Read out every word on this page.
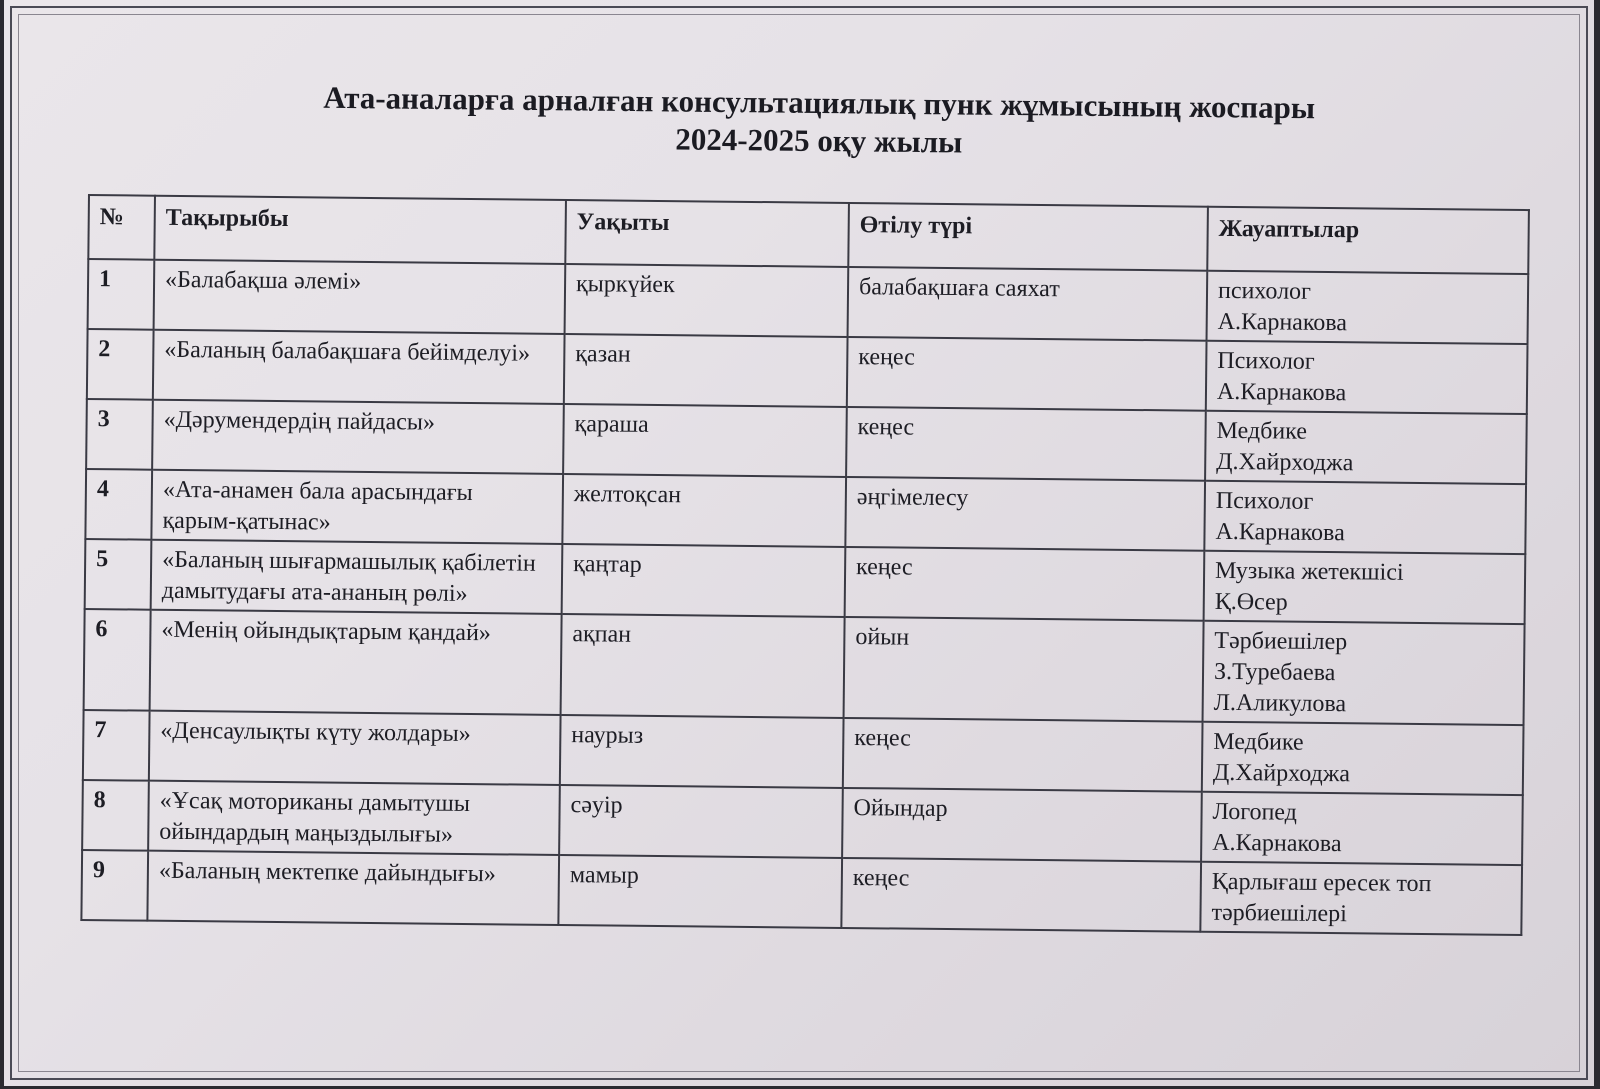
Ата-аналарға арналған консультациялық пунк жұмысының жоспары
2024-2025 оқу жылы
№	Тақырыбы	Уақыты	Өтілу түрі	Жауаптылар
1	«Балабақша әлемі»	қыркүйек	балабақшаға саяхат	психолог
А.Карнакова

2	«Баланың балабақшаға бейімделуі»	қазан	кеңес	Психолог
А.Карнакова

3	«Дәрумендердің пайдасы»	қараша	кеңес	Медбике
Д.Хайрходжа

4	«Ата-анамен бала арасындағы қарым-қатынас»	желтоқсан	әңгімелесу	Психолог
А.Карнакова

5	«Баланың шығармашылық қабілетін дамытудағы ата-ананың рөлі»	қаңтар	кеңес	Музыка жетекшісі
Қ.Өсер

6	«Менің ойындықтарым қандай»	ақпан	ойын	Тәрбиешілер
З.Туребаева
Л.Аликулова

7	«Денсаулықты күту жолдары»	наурыз	кеңес	Медбике
Д.Хайрходжа

8	«Ұсақ моториканы дамытушы ойындардың маңыздылығы»	сәуір	Ойындар	Логопед
А.Карнакова

9	«Баланың мектепке дайындығы»	мамыр	кеңес	Қарлығаш ересек топ тәрбиешілері
